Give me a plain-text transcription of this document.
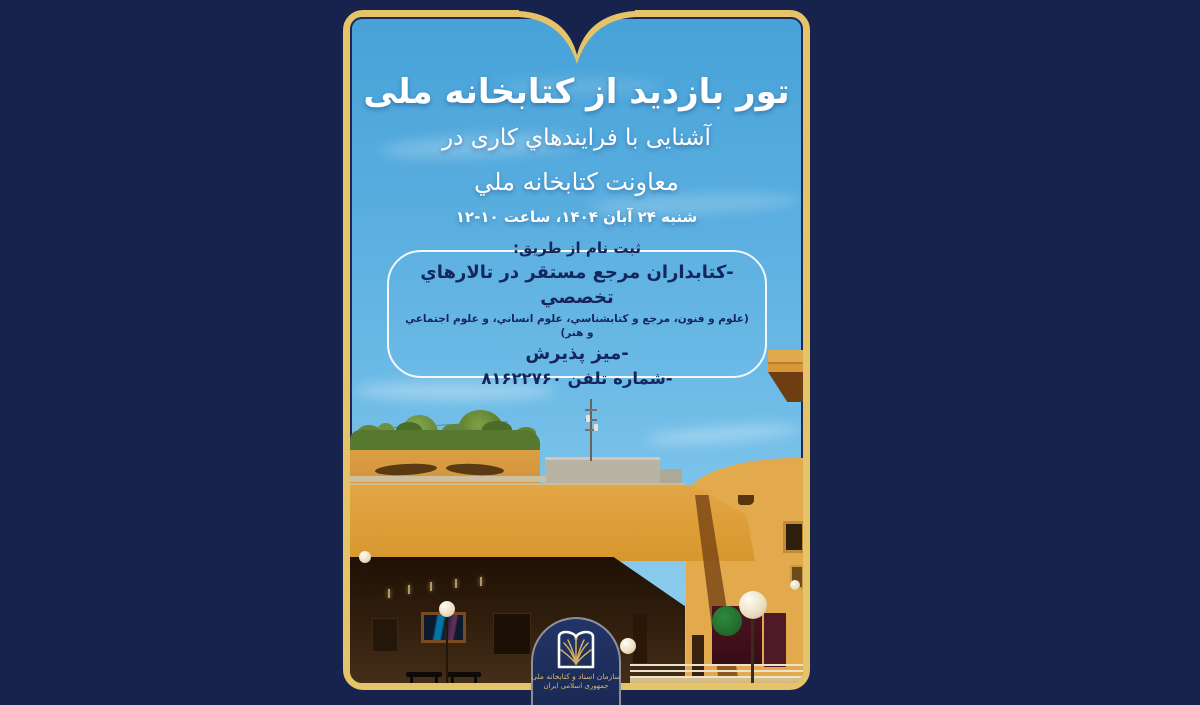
تور بازدید از کتابخانه ملی
آشنایی با فرایندهاي کاری در
معاونت کتابخانه ملي
شنبه ۲۴ آبان ۱۴۰۴، ساعت ۱۰-۱۲
ثبت نام از طریق:
-کتابداران مرجع مستقر در تالارهاي تخصصي
(علوم و فنون، مرجع و کتابشناسي، علوم انساني، و علوم اجتماعي و هنر)
-میز پذیرش
-شماره تلفن ۸۱۶۲۲۷۶۰
سازمان اسناد و کتابخانه ملی
جمهوری اسلامی ایران
